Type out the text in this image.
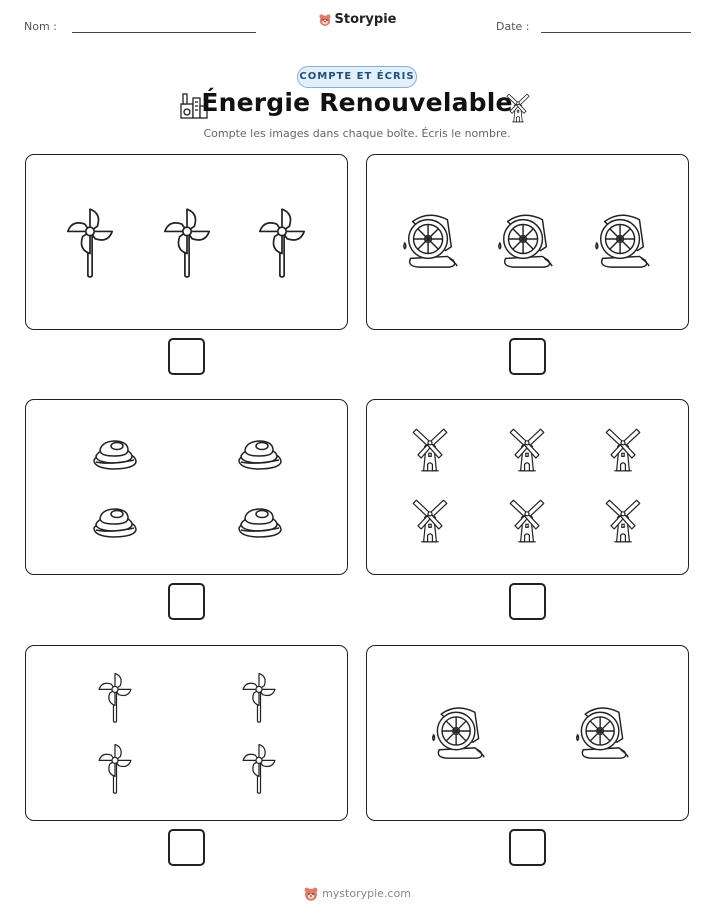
Nom :	Storypie	Date :
COMPTE ET ÉCRIS
Énergie Renouvelable
Compte les images dans chaque boîte. Écris le nombre.
mystorypie.com
